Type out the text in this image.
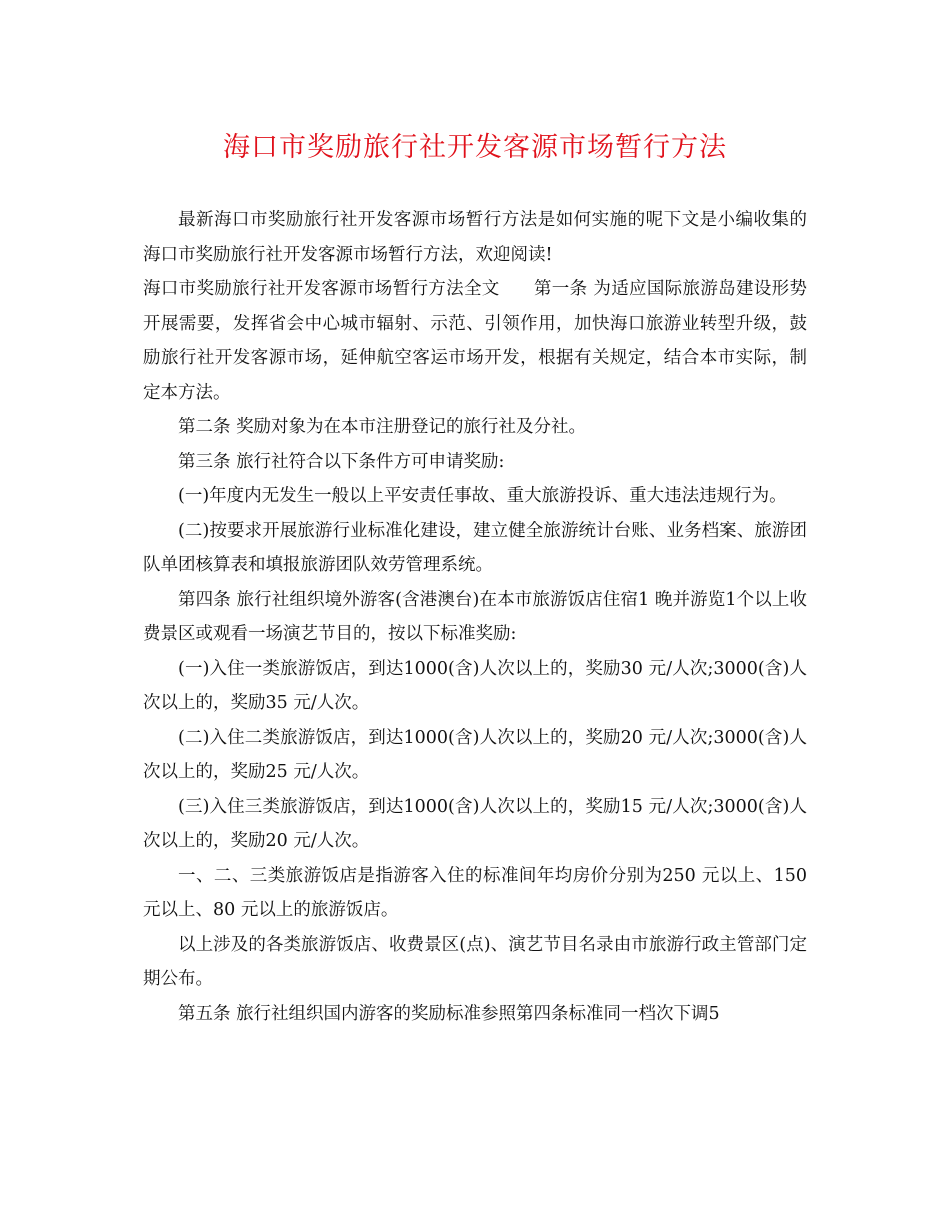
海口市奖励旅行社开发客源市场暂行方法

最新海口市奖励旅行社开发客源市场暂行方法是如何实施的呢下文是小编收集的海口市奖励旅行社开发客源市场暂行方法，欢迎阅读!

海口市奖励旅行社开发客源市场暂行方法全文 第一条 为适应国际旅游岛建设形势开展需要，发挥省会中心城市辐射、示范、引领作用，加快海口旅游业转型升级，鼓励旅行社开发客源市场，延伸航空客运市场开发，根据有关规定，结合本市实际，制定本方法。

第二条 奖励对象为在本市注册登记的旅行社及分社。

第三条 旅行社符合以下条件方可申请奖励:

(一)年度内无发生一般以上平安责任事故、重大旅游投诉、重大违法违规行为。

(二)按要求开展旅游行业标准化建设，建立健全旅游统计台账、业务档案、旅游团队单团核算表和填报旅游团队效劳管理系统。

第四条 旅行社组织境外游客(含港澳台)在本市旅游饭店住宿1 晚并游览1个以上收费景区或观看一场演艺节目的，按以下标准奖励:

(一)入住一类旅游饭店，到达1000(含)人次以上的，奖励30 元/人次;3000(含)人次以上的，奖励35 元/人次。

(二)入住二类旅游饭店，到达1000(含)人次以上的，奖励20 元/人次;3000(含)人次以上的，奖励25 元/人次。

(三)入住三类旅游饭店，到达1000(含)人次以上的，奖励15 元/人次;3000(含)人次以上的，奖励20 元/人次。

一、二、三类旅游饭店是指游客入住的标准间年均房价分别为250 元以上、150 元以上、80 元以上的旅游饭店。

以上涉及的各类旅游饭店、收费景区(点)、演艺节目名录由市旅游行政主管部门定期公布。

第五条 旅行社组织国内游客的奖励标准参照第四条标准同一档次下调5
